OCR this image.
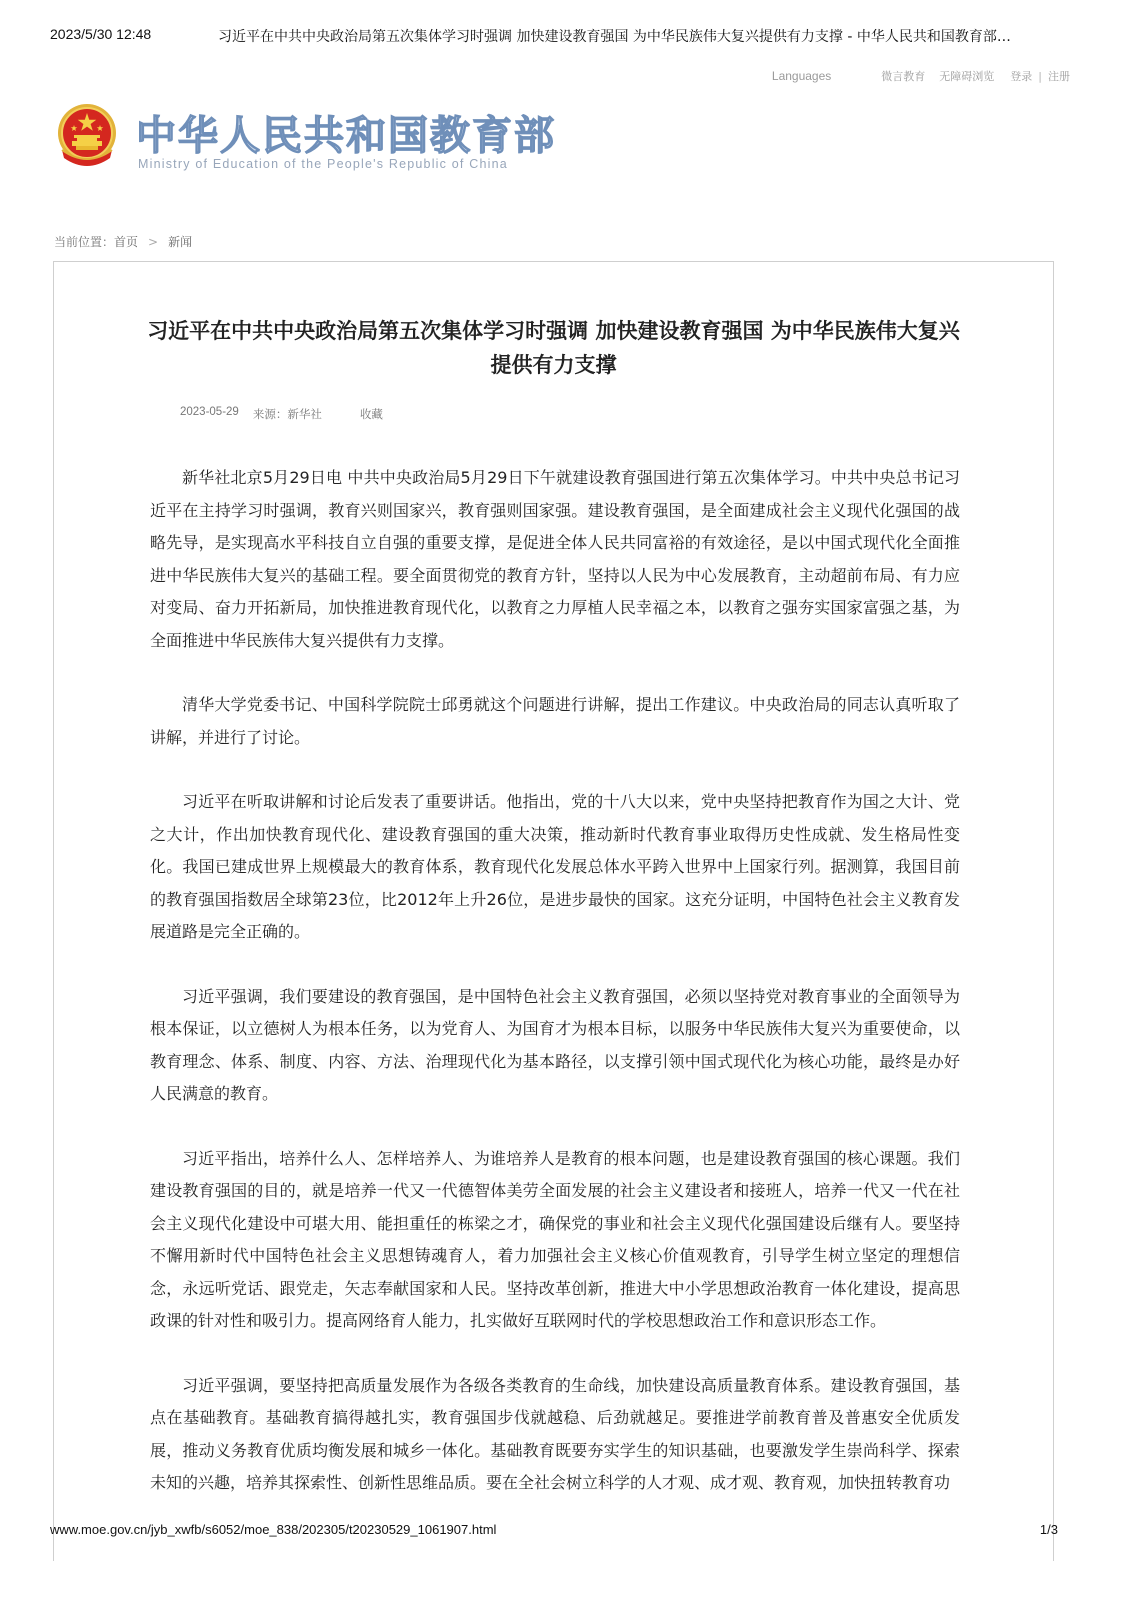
2023/5/30 12:48	习近平在中共中央政治局第五次集体学习时强调 加快建设教育强国 为中华民族伟大复兴提供有力支撑 - 中华人民共和国教育部…
Languages	微言教育 无障碍浏览 登录 | 注册
中华人民共和国教育部
Ministry of Education of the People's Republic of China
当前位置： 首页 > 新闻
习近平在中共中央政治局第五次集体学习时强调 加快建设教育强国 为中华民族伟大复兴提供有力支撑
2023-05-29 来源：新华社	收藏

新华社北京5月29日电 中共中央政治局5月29日下午就建设教育强国进行第五次集体学习。中共中央总书记习近平在主持学习时强调，教育兴则国家兴，教育强则国家强。建设教育强国，是全面建成社会主义现代化强国的战略先导，是实现高水平科技自立自强的重要支撑，是促进全体人民共同富裕的有效途径，是以中国式现代化全面推进中华民族伟大复兴的基础工程。要全面贯彻党的教育方针，坚持以人民为中心发展教育，主动超前布局、有力应对变局、奋力开拓新局，加快推进教育现代化，以教育之力厚植人民幸福之本，以教育之强夯实国家富强之基，为全面推进中华民族伟大复兴提供有力支撑。

清华大学党委书记、中国科学院院士邱勇就这个问题进行讲解，提出工作建议。中央政治局的同志认真听取了讲解，并进行了讨论。

习近平在听取讲解和讨论后发表了重要讲话。他指出，党的十八大以来，党中央坚持把教育作为国之大计、党之大计，作出加快教育现代化、建设教育强国的重大决策，推动新时代教育事业取得历史性成就、发生格局性变化。我国已建成世界上规模最大的教育体系，教育现代化发展总体水平跨入世界中上国家行列。据测算，我国目前的教育强国指数居全球第23位，比2012年上升26位，是进步最快的国家。这充分证明，中国特色社会主义教育发展道路是完全正确的。

习近平强调，我们要建设的教育强国，是中国特色社会主义教育强国，必须以坚持党对教育事业的全面领导为根本保证，以立德树人为根本任务，以为党育人、为国育才为根本目标，以服务中华民族伟大复兴为重要使命，以教育理念、体系、制度、内容、方法、治理现代化为基本路径，以支撑引领中国式现代化为核心功能，最终是办好人民满意的教育。

习近平指出，培养什么人、怎样培养人、为谁培养人是教育的根本问题，也是建设教育强国的核心课题。我们建设教育强国的目的，就是培养一代又一代德智体美劳全面发展的社会主义建设者和接班人，培养一代又一代在社会主义现代化建设中可堪大用、能担重任的栋梁之才，确保党的事业和社会主义现代化强国建设后继有人。要坚持不懈用新时代中国特色社会主义思想铸魂育人，着力加强社会主义核心价值观教育，引导学生树立坚定的理想信念，永远听党话、跟党走，矢志奉献国家和人民。坚持改革创新，推进大中小学思想政治教育一体化建设，提高思政课的针对性和吸引力。提高网络育人能力，扎实做好互联网时代的学校思想政治工作和意识形态工作。

习近平强调，要坚持把高质量发展作为各级各类教育的生命线，加快建设高质量教育体系。建设教育强国，基点在基础教育。基础教育搞得越扎实，教育强国步伐就越稳、后劲就越足。要推进学前教育普及普惠安全优质发展，推动义务教育优质均衡发展和城乡一体化。基础教育既要夯实学生的知识基础，也要激发学生崇尚科学、探索未知的兴趣，培养其探索性、创新性思维品质。要在全社会树立科学的人才观、成才观、教育观，加快扭转教育功

www.moe.gov.cn/jyb_xwfb/s6052/moe_838/202305/t20230529_1061907.html	1/3
